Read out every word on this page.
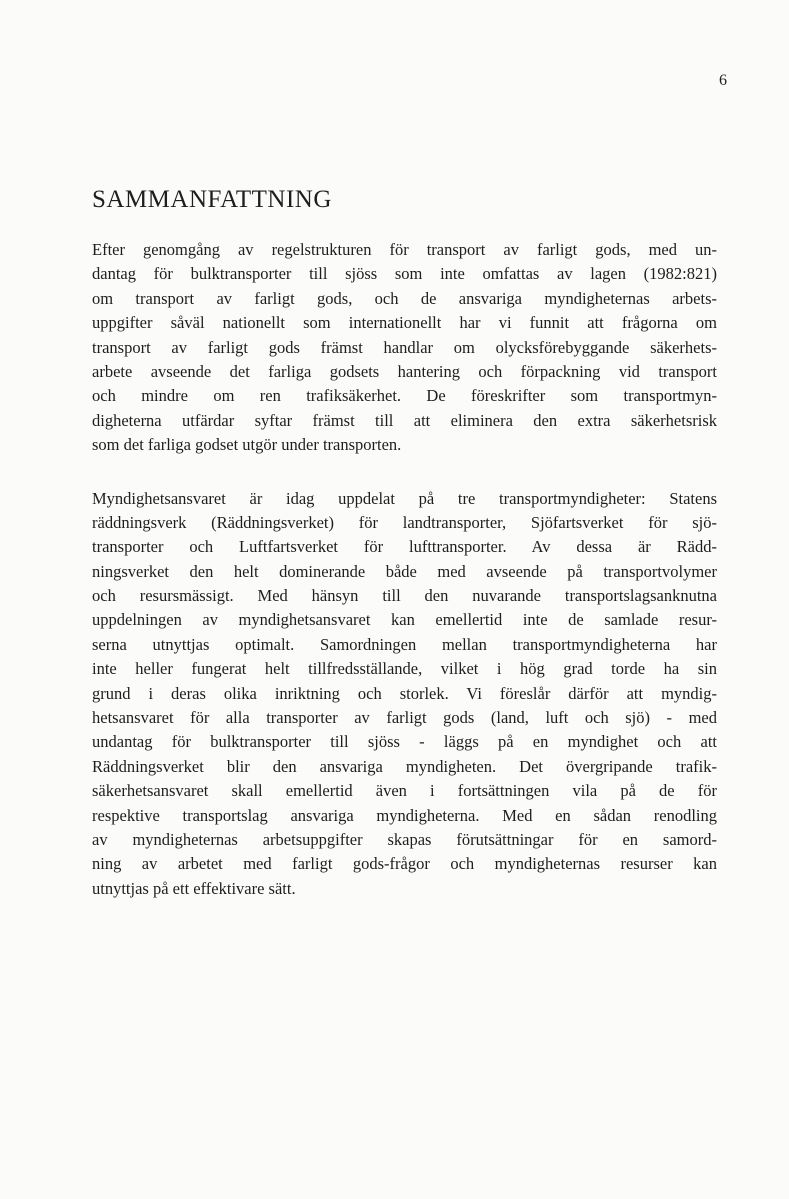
6
SAMMANFATTNING
Efter genomgång av regelstrukturen för transport av farligt gods, med un-
dantag för bulktransporter till sjöss som inte omfattas av lagen (1982:821)
om transport av farligt gods, och de ansvariga myndigheternas arbets-
uppgifter såväl nationellt som internationellt har vi funnit att frågorna om
transport av farligt gods främst handlar om olycksförebyggande säkerhets-
arbete avseende det farliga godsets hantering och förpackning vid transport
och mindre om ren trafiksäkerhet. De föreskrifter som transportmyn-
digheterna utfärdar syftar främst till att eliminera den extra säkerhetsrisk
som det farliga godset utgör under transporten.
Myndighetsansvaret är idag uppdelat på tre transportmyndigheter: Statens
räddningsverk (Räddningsverket) för landtransporter, Sjöfartsverket för sjö-
transporter och Luftfartsverket för lufttransporter. Av dessa är Rädd-
ningsverket den helt dominerande både med avseende på transportvolymer
och resursmässigt. Med hänsyn till den nuvarande transportslagsanknutna
uppdelningen av myndighetsansvaret kan emellertid inte de samlade resur-
serna utnyttjas optimalt. Samordningen mellan transportmyndigheterna har
inte heller fungerat helt tillfredsställande, vilket i hög grad torde ha sin
grund i deras olika inriktning och storlek. Vi föreslår därför att myndig-
hetsansvaret för alla transporter av farligt gods (land, luft och sjö) - med
undantag för bulktransporter till sjöss - läggs på en myndighet och att
Räddningsverket blir den ansvariga myndigheten. Det övergripande trafik-
säkerhetsansvaret skall emellertid även i fortsättningen vila på de för
respektive transportslag ansvariga myndigheterna. Med en sådan renodling
av myndigheternas arbetsuppgifter skapas förutsättningar för en samord-
ning av arbetet med farligt gods-frågor och myndigheternas resurser kan
utnyttjas på ett effektivare sätt.
